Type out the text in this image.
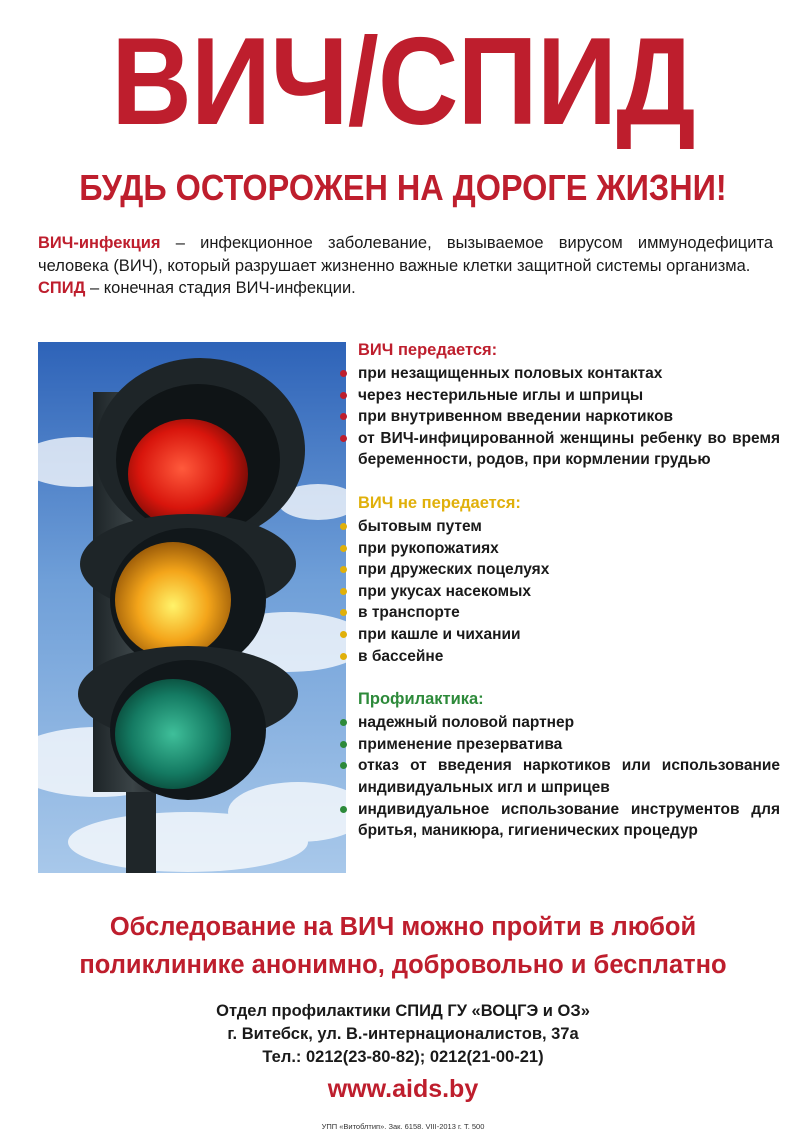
ВИЧ/СПИД
БУДЬ ОСТОРОЖЕН НА ДОРОГЕ ЖИЗНИ!

ВИЧ-инфекция – инфекционное заболевание, вызываемое вирусом иммунодефицита человека (ВИЧ), который разрушает жизненно важные клетки защитной системы организма.

СПИД – конечная стадия ВИЧ-инфекции.

ВИЧ передается:
при незащищенных половых контактах
через нестерильные иглы и шприцы
при внутривенном введении наркотиков
от ВИЧ-инфицированной женщины ребенку во время беременности, родов, при кормлении грудью
ВИЧ не передается:
бытовым путем
при рукопожатиях
при дружеских поцелуях
при укусах насекомых
в транспорте
при кашле и чихании
в бассейне
Профилактика:
надежный половой партнер
применение презерватива
отказ от введения наркотиков или использование индивидуальных игл и шприцев
индивидуальное использование инструментов для бритья, маникюра, гигиенических процедур
Обследование на ВИЧ можно пройти в любой
поликлинике анонимно, добровольно и бесплатно
Отдел профилактики СПИД ГУ «ВОЦГЭ и ОЗ»
г. Витебск, ул. В.-интернационалистов, 37а
Тел.: 0212(23-80-82); 0212(21-00-21)
www.aids.by
УПП «Витоблтип». Зак. 6158. VIII-2013 г. Т. 500
